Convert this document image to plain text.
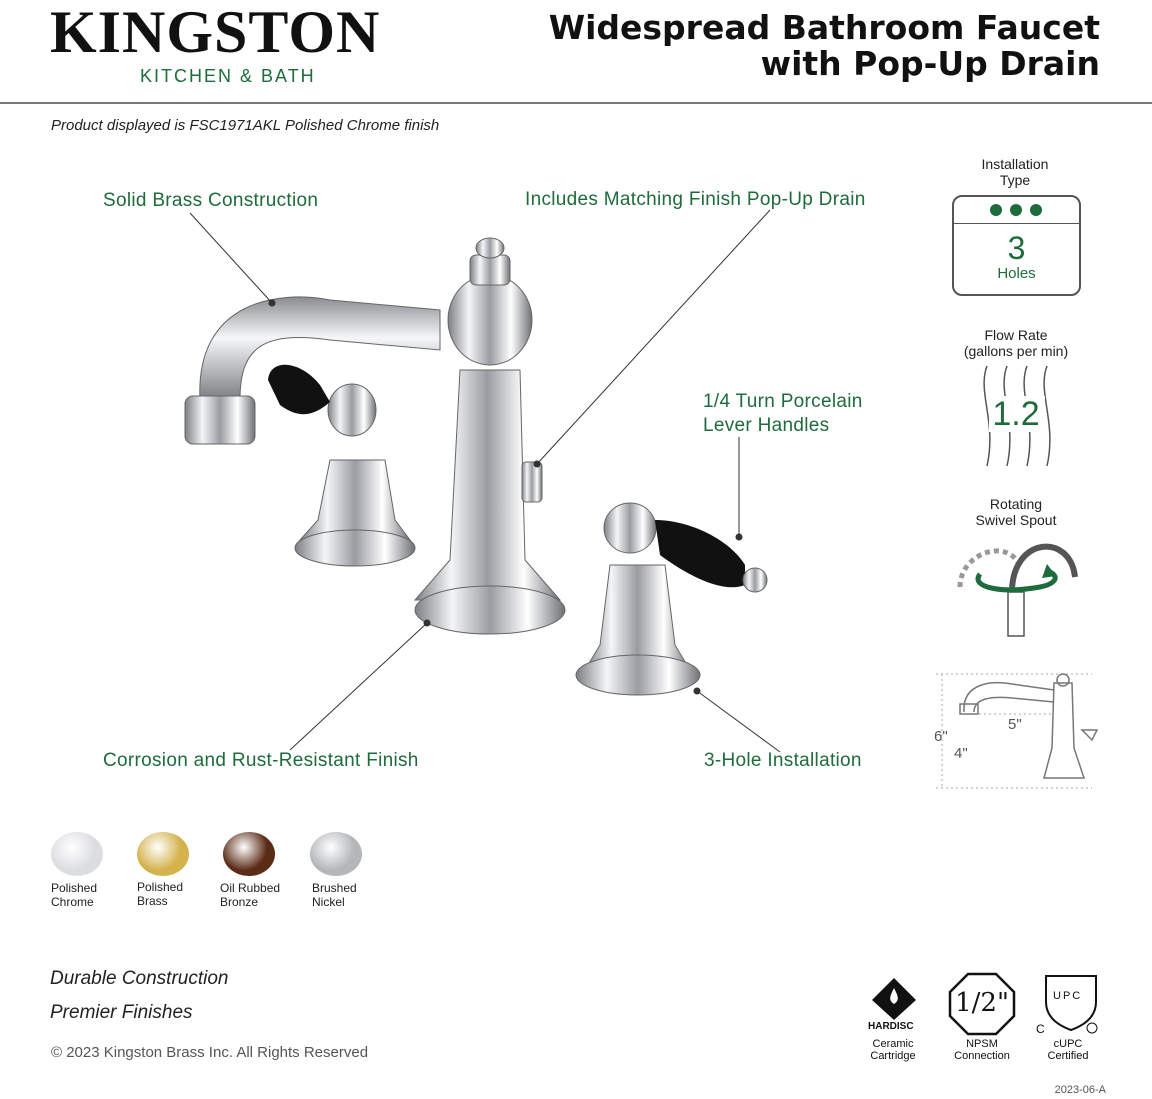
KINGSTON
KITCHEN & BATH
Widespread Bathroom Faucet
with Pop-Up Drain
Product displayed is FSC1971AKL Polished Chrome finish
Solid Brass Construction	Includes Matching Finish Pop-Up Drain
1/4 Turn Porcelain
Lever Handles
Corrosion and Rust-Resistant Finish	3-Hole Installation
Installation
Type
3
Holes
Flow Rate
(gallons per min)
1.2
Rotating
Swivel Spout
6"
5"
4"
Polished
Chrome
Polished
Brass
Oil Rubbed
Bronze
Brushed
Nickel
Durable Construction
Premier Finishes
© 2023 Kingston Brass Inc. All Rights Reserved
HARDISC
Ceramic
Cartridge
1/2"
NPSM
Connection
UPC
C
cUPC
Certified
2023-06-A
